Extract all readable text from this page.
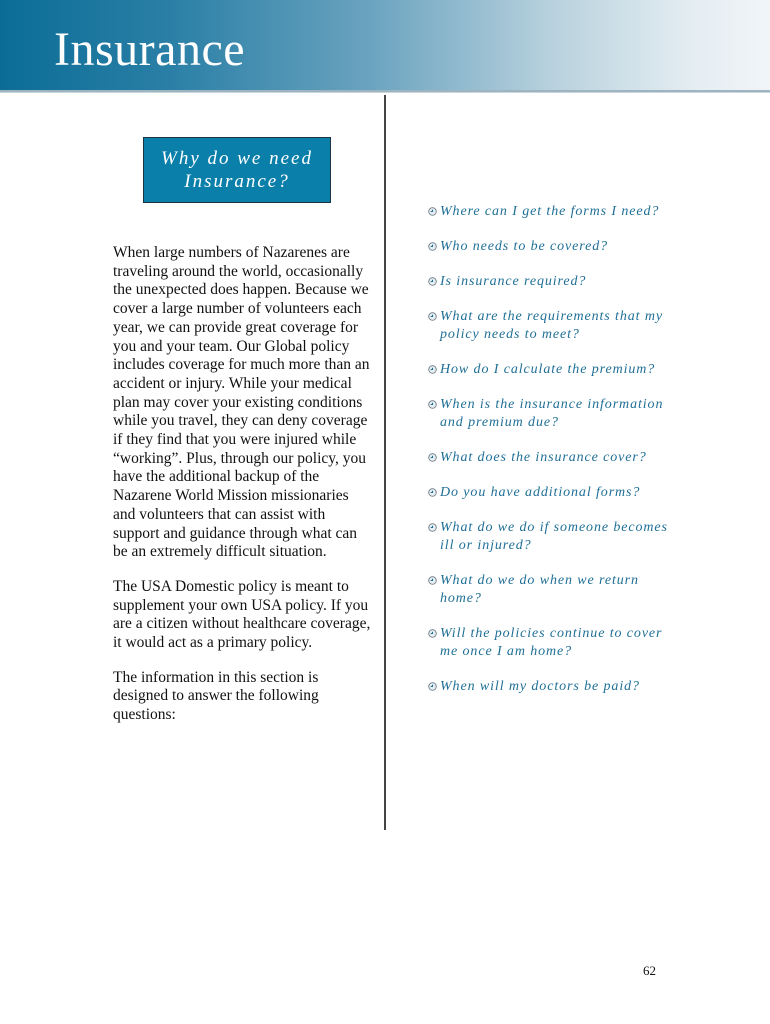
Insurance
Why do we need Insurance?

When large numbers of Nazarenes are traveling around the world, occasionally the unexpected does happen. Because we cover a large number of volunteers each year, we can provide great coverage for you and your team. Our Global policy includes coverage for much more than an accident or injury. While your medical plan may cover your existing conditions while you travel, they can deny coverage if they find that you were injured while “working”. Plus, through our policy, you have the additional backup of the Nazarene World Mission missionaries and volunteers that can assist with support and guidance through what can be an extremely difficult situation.

The USA Domestic policy is meant to supplement your own USA policy. If you are a citizen without healthcare coverage, it would act as a primary policy.

The information in this section is designed to answer the following questions:

Where can I get the forms I need?
Who needs to be covered?
Is insurance required?
What are the requirements that my policy needs to meet?
How do I calculate the premium?
When is the insurance information and premium due?
What does the insurance cover?
Do you have additional forms?
What do we do if someone becomes ill or injured?
What do we do when we return home?
Will the policies continue to cover me once I am home?
When will my doctors be paid?
62
